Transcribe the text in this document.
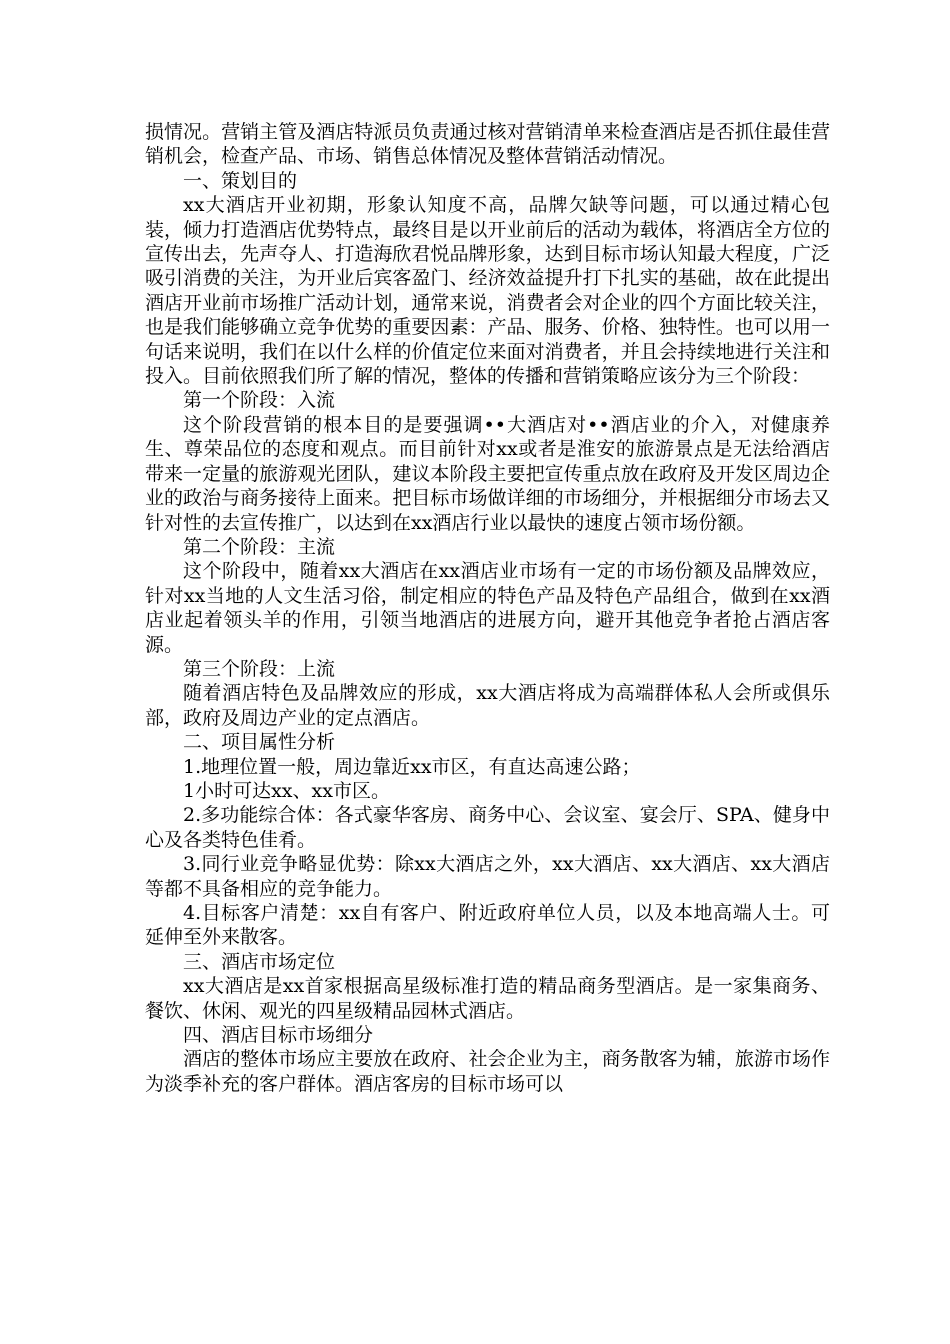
损情况。营销主管及酒店特派员负责通过核对营销清单来检查酒店是否抓住最佳营销机会，检查产品、市场、销售总体情况及整体营销活动情况。

一、策划目的

xx大酒店开业初期，形象认知度不高，品牌欠缺等问题，可以通过精心包装，倾力打造酒店优势特点，最终目是以开业前后的活动为载体，将酒店全方位的宣传出去，先声夺人、打造海欣君悦品牌形象，达到目标市场认知最大程度，广泛吸引消费的关注，为开业后宾客盈门、经济效益提升打下扎实的基础，故在此提出酒店开业前市场推广活动计划，通常来说，消费者会对企业的四个方面比较关注，也是我们能够确立竞争优势的重要因素：产品、服务、价格、独特性。也可以用一句话来说明，我们在以什么样的价值定位来面对消费者，并且会持续地进行关注和投入。目前依照我们所了解的情况，整体的传播和营销策略应该分为三个阶段：

第一个阶段：入流

这个阶段营销的根本目的是要强调••大酒店对••酒店业的介入，对健康养生、尊荣品位的态度和观点。而目前针对xx或者是淮安的旅游景点是无法给酒店带来一定量的旅游观光团队，建议本阶段主要把宣传重点放在政府及开发区周边企业的政治与商务接待上面来。把目标市场做详细的市场细分，并根据细分市场去又针对性的去宣传推广，以达到在xx酒店行业以最快的速度占领市场份额。

第二个阶段：主流

这个阶段中，随着xx大酒店在xx酒店业市场有一定的市场份额及品牌效应，针对xx当地的人文生活习俗，制定相应的特色产品及特色产品组合，做到在xx酒店业起着领头羊的作用，引领当地酒店的进展方向，避开其他竞争者抢占酒店客源。

第三个阶段：上流

随着酒店特色及品牌效应的形成，xx大酒店将成为高端群体私人会所或俱乐部，政府及周边产业的定点酒店。

二、项目属性分析

1.地理位置一般，周边靠近xx市区，有直达高速公路；

1小时可达xx、xx市区。

2.多功能综合体：各式豪华客房、商务中心、会议室、宴会厅、SPA、健身中心及各类特色佳肴。

3.同行业竞争略显优势：除xx大酒店之外，xx大酒店、xx大酒店、xx大酒店等都不具备相应的竞争能力。

4.目标客户清楚：xx自有客户、附近政府单位人员，以及本地高端人士。可延伸至外来散客。

三、酒店市场定位

xx大酒店是xx首家根据高星级标准打造的精品商务型酒店。是一家集商务、餐饮、休闲、观光的四星级精品园林式酒店。

四、酒店目标市场细分

酒店的整体市场应主要放在政府、社会企业为主，商务散客为辅，旅游市场作为淡季补充的客户群体。酒店客房的目标市场可以
